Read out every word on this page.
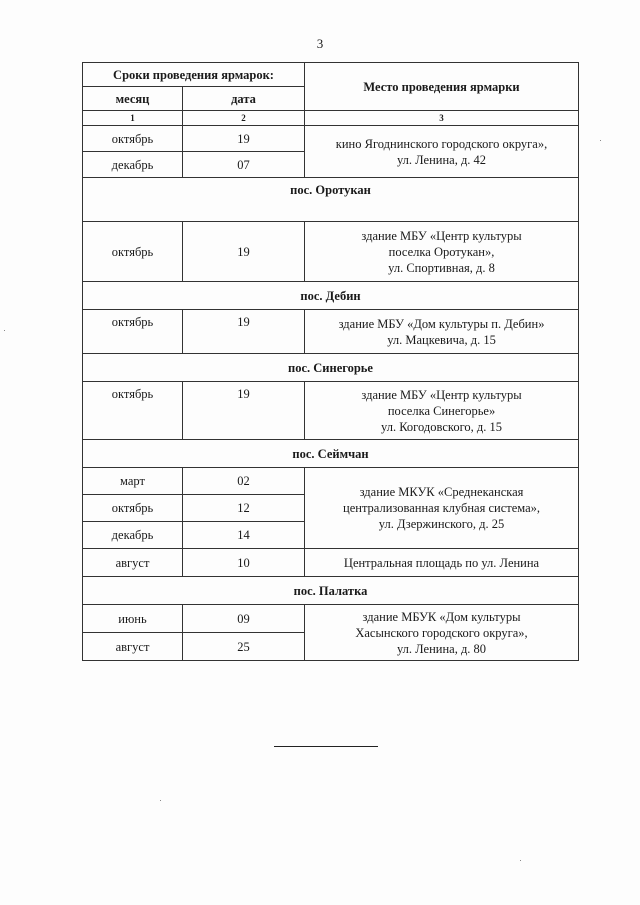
3
Сроки проведения ярмарок:		Место проведения ярмарки
месяц	дата	
1	2	3
октябрь	19	кино Ягоднинского городского округа»,
ул. Ленина, д. 42
декабрь	07	
пос. Оротукан		
октябрь	19	здание МБУ «Центр культуры
поселка Оротукан»,
ул. Спортивная, д. 8
пос. Дебин		
октябрь	19	здание МБУ «Дом культуры п. Дебин»
ул. Мацкевича, д. 15
пос. Синегорье		
октябрь	19	здание МБУ «Центр культуры
поселка Синегорье»
ул. Когодовского, д. 15
пос. Сеймчан		
март	02	здание МКУК «Среднеканская
централизованная клубная система»,
ул. Дзержинского, д. 25
октябрь	12	
декабрь	14	
август	10	Центральная площадь по ул. Ленина
пос. Палатка		
июнь	09	здание МБУК «Дом культуры
Хасынского городского округа»,
ул. Ленина, д. 80
август	25	
